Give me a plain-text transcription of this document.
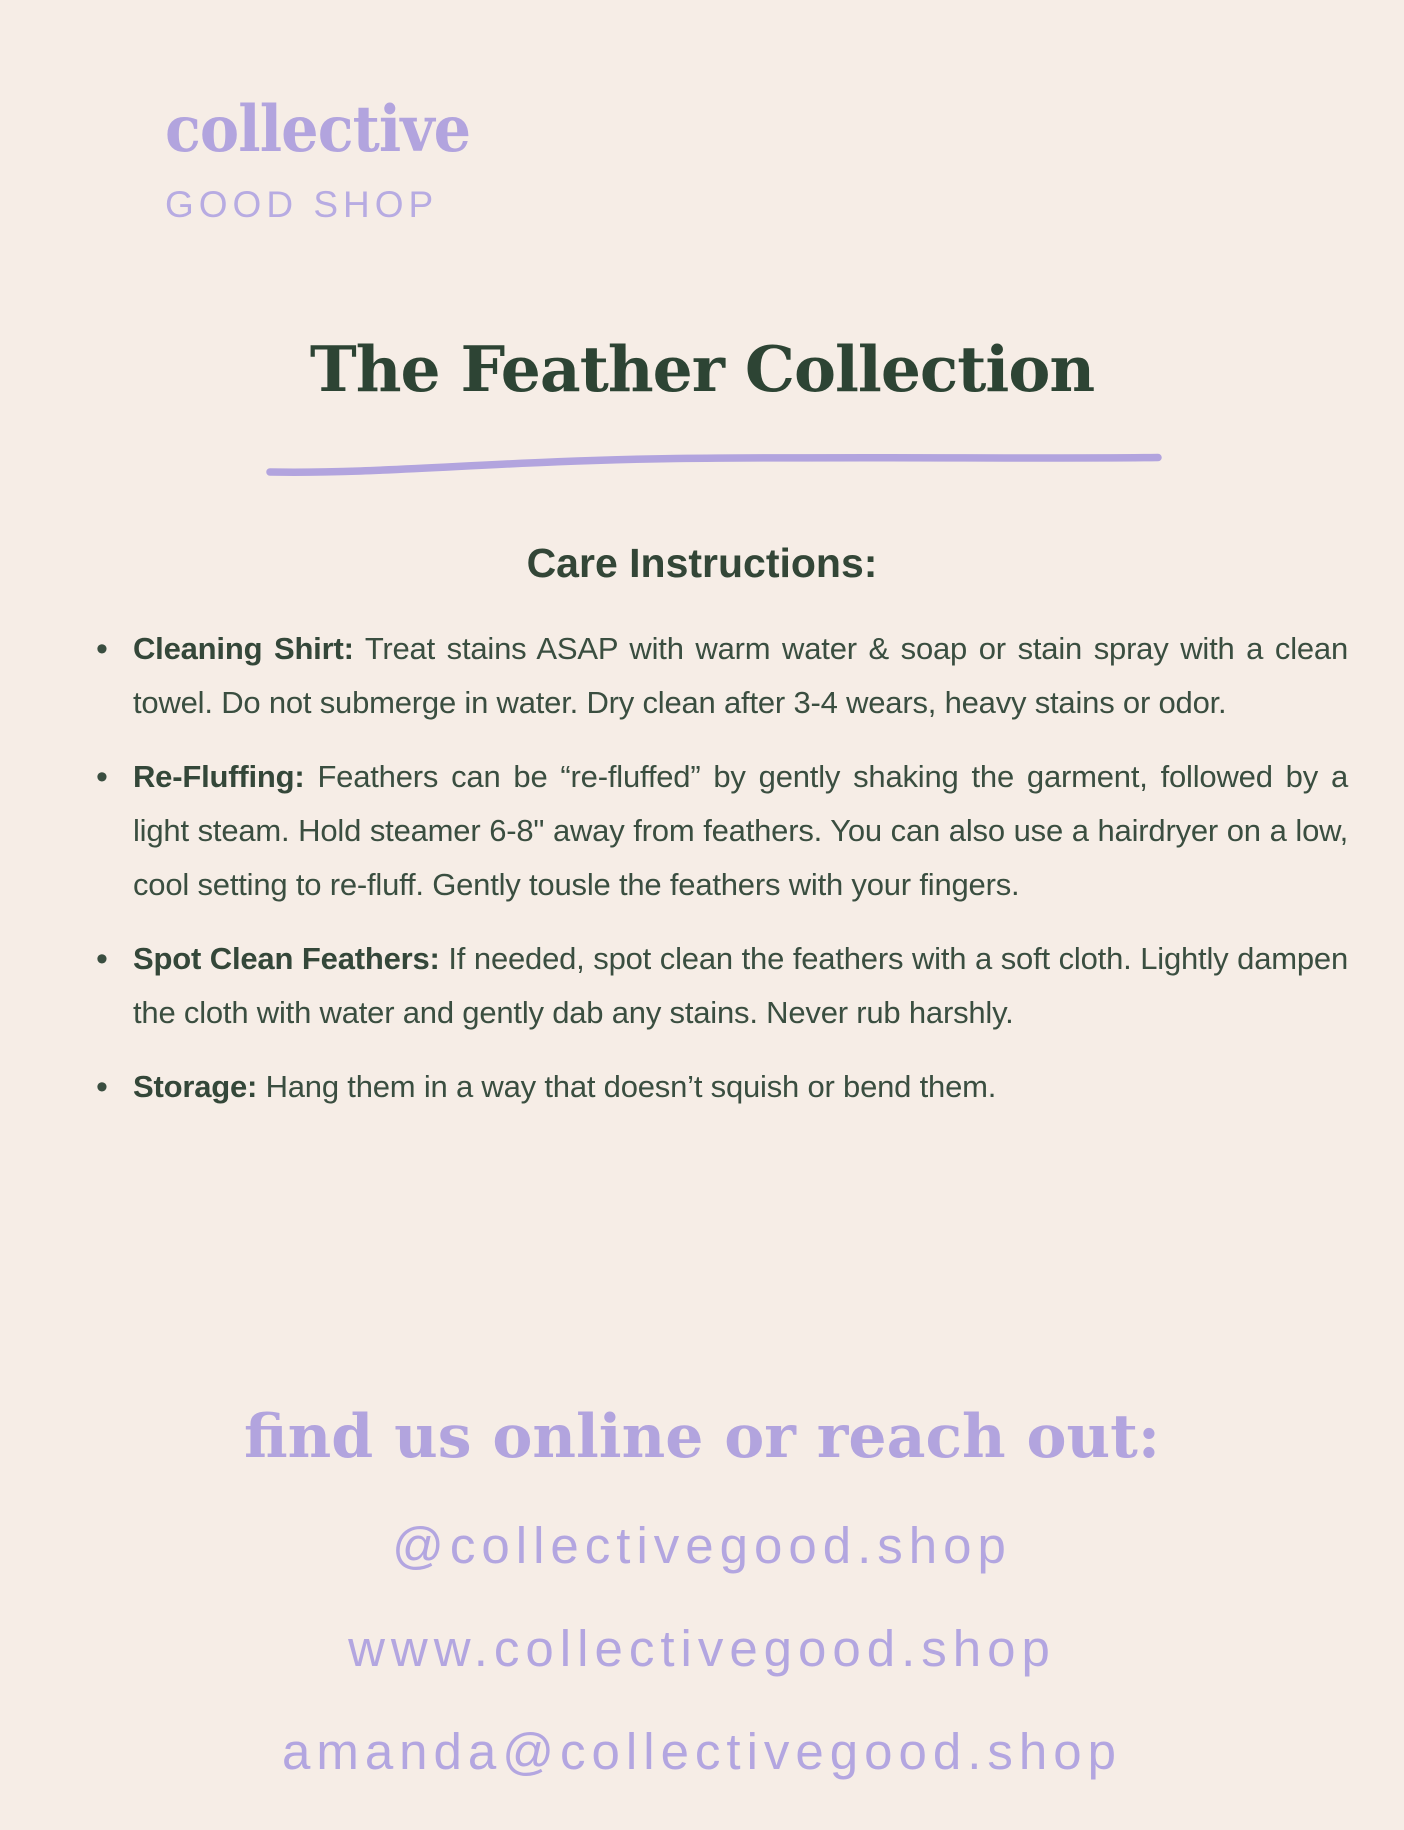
collective
GOOD SHOP
The Feather Collection
Care Instructions:
• Cleaning Shirt: Treat stains ASAP with warm water & soap or stain spray with a clean towel. Do not submerge in water. Dry clean after 3-4 wears, heavy stains or odor.
• Re-Fluffing: Feathers can be “re-fluffed” by gently shaking the garment, followed by a light steam. Hold steamer 6-8" away from feathers. You can also use a hairdryer on a low, cool setting to re-fluff. Gently tousle the feathers with your fingers.
• Spot Clean Feathers: If needed, spot clean the feathers with a soft cloth. Lightly dampen the cloth with water and gently dab any stains. Never rub harshly.
• Storage: Hang them in a way that doesn’t squish or bend them.
find us online or reach out:
@collectivegood.shop
www.collectivegood.shop
amanda@collectivegood.shop
